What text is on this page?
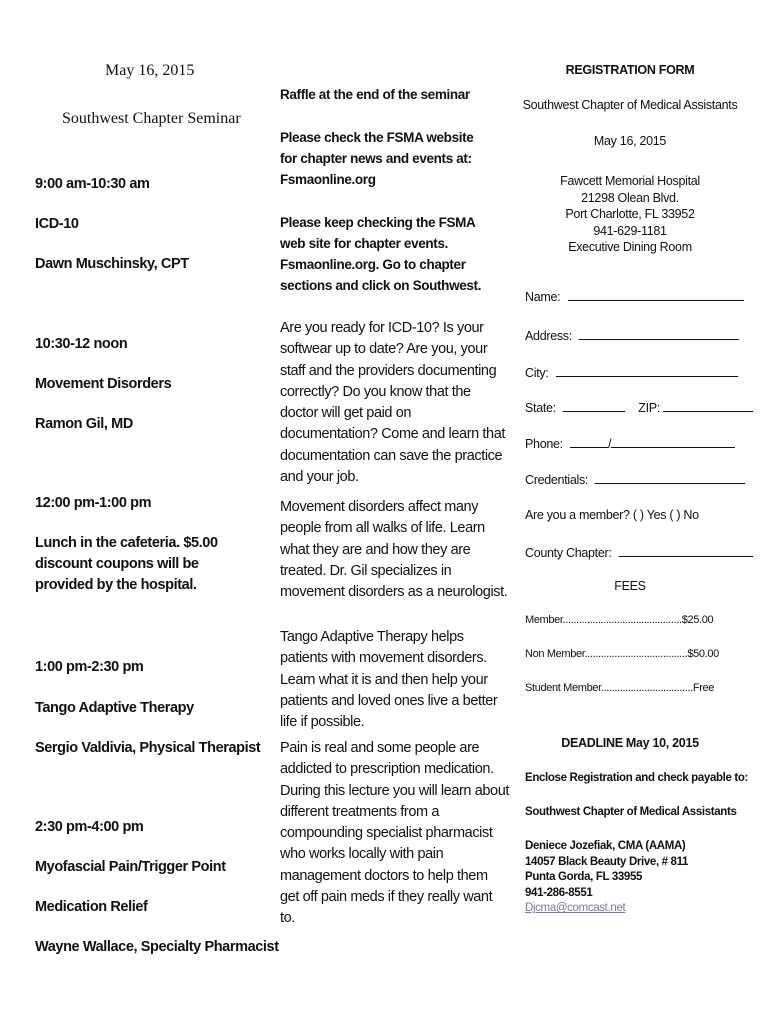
May 16, 2015

Southwest Chapter Seminar

9:00 am-10:30 am

ICD-10

Dawn Muschinsky, CPT

10:30-12 noon

Movement Disorders

Ramon Gil, MD

12:00 pm-1:00 pm

Lunch in the cafeteria. $5.00 discount coupons will be provided by the hospital.

1:00 pm-2:30 pm

Tango Adaptive Therapy

Sergio Valdivia, Physical Therapist

2:30 pm-4:00 pm

Myofascial Pain/Trigger Point

Medication Relief

Wayne Wallace, Specialty Pharmacist

Raffle at the end of the seminar

Please check the FSMA website for chapter news and events at: Fsmaonline.org

Please keep checking the FSMA web site for chapter events. Fsmaonline.org. Go to chapter sections and click on Southwest.

Are you ready for ICD-10? Is your softwear up to date? Are you, your staff and the providers documenting correctly? Do you know that the doctor will get paid on documentation? Come and learn that documentation can save the practice and your job.

Movement disorders affect many people from all walks of life. Learn what they are and how they are treated. Dr. Gil specializes in movement disorders as a neurologist.

Tango Adaptive Therapy helps patients with movement disorders. Learn what it is and then help your patients and loved ones live a better life if possible.

Pain is real and some people are addicted to prescription medication. During this lecture you will learn about different treatments from a compounding specialist pharmacist who works locally with pain management doctors to help them get off pain meds if they really want to.

REGISTRATION FORM

Southwest Chapter of Medical Assistants

May 16, 2015

Fawcett Memorial Hospital
21298 Olean Blvd.
Port Charlotte, FL 33952
941-629-1181
Executive Dining Room
Name:
Address:
City:
State:	ZIP:
Phone:	/
Credentials:

Are you a member? ( ) Yes ( ) No

County Chapter:

FEES

Member............................................$25.00
Non Member......................................$50.00
Student Member..................................Free

DEADLINE May 10, 2015

Enclose Registration and check payable to:

Southwest Chapter of Medical Assistants

Deniece Jozefiak, CMA (AAMA)
14057 Black Beauty Drive, # 811
Punta Gorda, FL 33955
941-286-8551
Djcma@comcast.net
